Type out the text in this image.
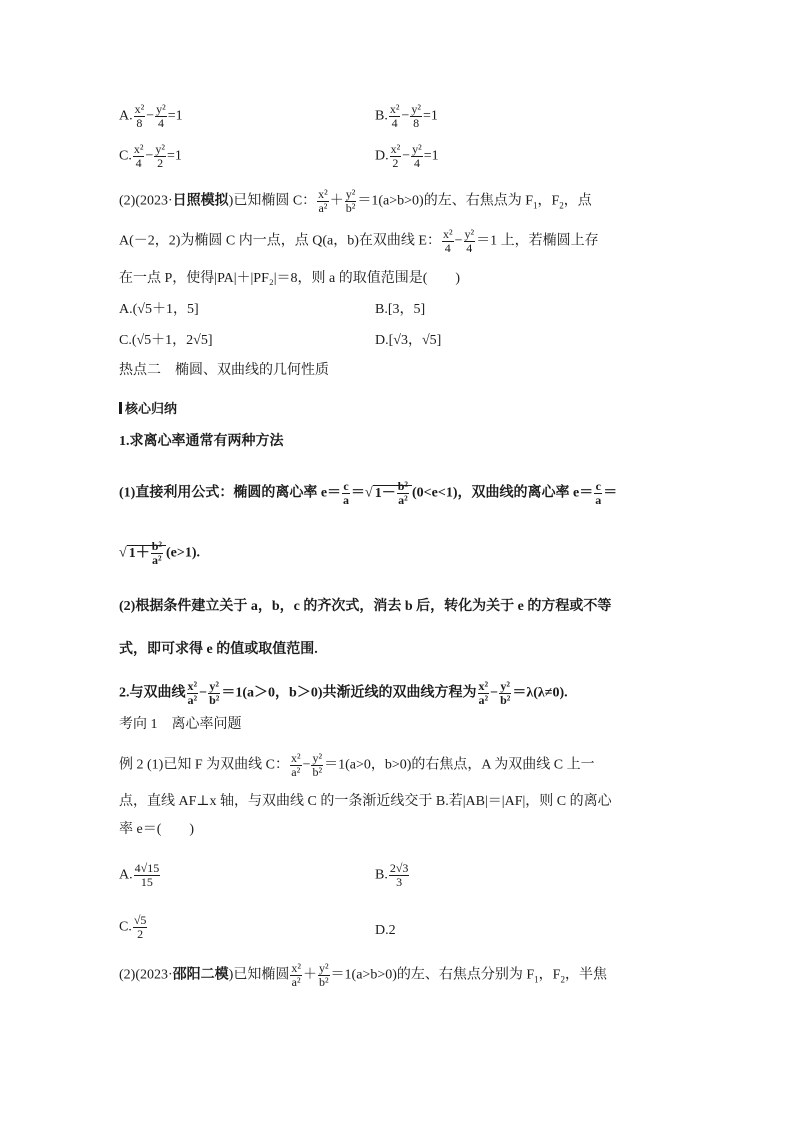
A. $\frac{\text{x²}}{8} - \frac{\text{y²}}{4} =1$	B. $\frac{\text{x²}}{4} - \frac{\text{y²}}{8} =1$
C. $\frac{\text{x²}}{4} - \frac{\text{y²}}{2} =1$	D. $\frac{\text{x²}}{2} - \frac{\text{y²}}{4} =1$
(2)(2023·日照模拟)已知椭圆 C： $\frac{\text{x²}}{\text{a²}} + \frac{\text{y²}}{\text{b²}} =1(a>b>0)$的左、右焦点为 $F_1$，$F_2$，点
A(－2，2)为椭圆 C 内一点，点 Q(a，b)在双曲线 E： $\frac{\text{x²}}{4} - \frac{\text{y²}}{4} =1$ 上，若椭圆上存
在一点 P，使得|PA|＋|PF₂|＝8，则 a 的取值范围是(　　)
A.(√5＋1，5]	B.[3，5]
C.(√5＋1，2√5]	D.[√3，√5]
热点二　椭圆、双曲线的几何性质
核心归纳
1.求离心率通常有两种方法
(1)直接利用公式：椭圆的离心率 $e= \frac{c}{a}$ ＝√ $1- \frac{\text{b²}}{\text{a²}} (0<e<1)$，双曲线的离心率 $e= \frac{c}{a}$ ＝
√ $1+ \frac{\text{b²}}{\text{a²}} (e>1)$.
(2)根据条件建立关于 a，b，c 的齐次式，消去 b 后，转化为关于 e 的方程或不等
式，即可求得 e 的值或取值范围.
2.与双曲线 $\frac{\text{x²}}{\text{a²}} - \frac{\text{y²}}{\text{b²}} =1(a>0$，b＞0)共渐近线的双曲线方程为 $\frac{\text{x²}}{\text{a²}} - \frac{\text{y²}}{\text{b²}} =\lambda(\lambda\ne 0)$.
考向 1　离心率问题
例 2 (1)已知 F 为双曲线 C： $\frac{\text{x²}}{\text{a²}} - \frac{\text{y²}}{\text{b²}} =1(a>0$，b>0)的右焦点，A 为双曲线 C 上一
点，直线 AF⊥x 轴，与双曲线 C 的一条渐近线交于 B.若|AB|＝|AF|，则 C 的离心
率 e＝(　　)
A. $\frac{4√15}{15}$	B. $\frac{2√3}{3}$
C. $\frac{√5}{2}$	D.2
(2)(2023·邵阳二模)已知椭圆 $\frac{\text{x²}}{\text{a²}} + \frac{\text{y²}}{\text{b²}} =1(a>b>0)$的左、右焦点分别为 $F_1$，$F_2$，半焦
